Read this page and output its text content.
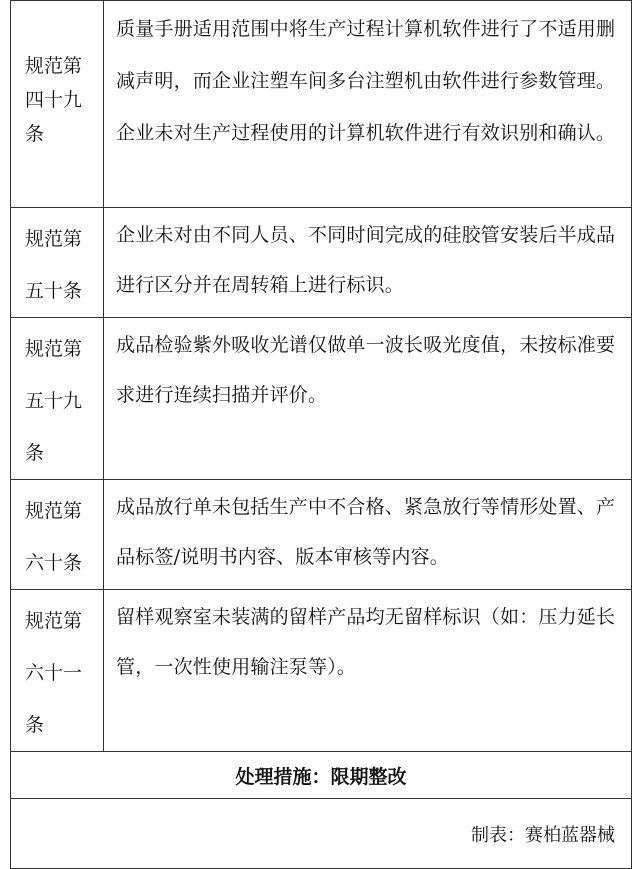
规范第
四十九
条	质量手册适用范围中将生产过程计算机软件进行了不适用删减声明，而企业注塑车间多台注塑机由软件进行参数管理。企业未对生产过程使用的计算机软件进行有效识别和确认。

规范第
五十条	企业未对由不同人员、不同时间完成的硅胶管安装后半成品进行区分并在周转箱上进行标识。

规范第
五十九
条	成品检验紫外吸收光谱仅做单一波长吸光度值，未按标准要求进行连续扫描并评价。

规范第
六十条	成品放行单未包括生产中不合格、紧急放行等情形处置、产品标签/说明书内容、版本审核等内容。

规范第
六十一
条	留样观察室未装满的留样产品均无留样标识（如：压力延长管，一次性使用输注泵等）。

处理措施：限期整改	
制表：赛柏蓝器械	
